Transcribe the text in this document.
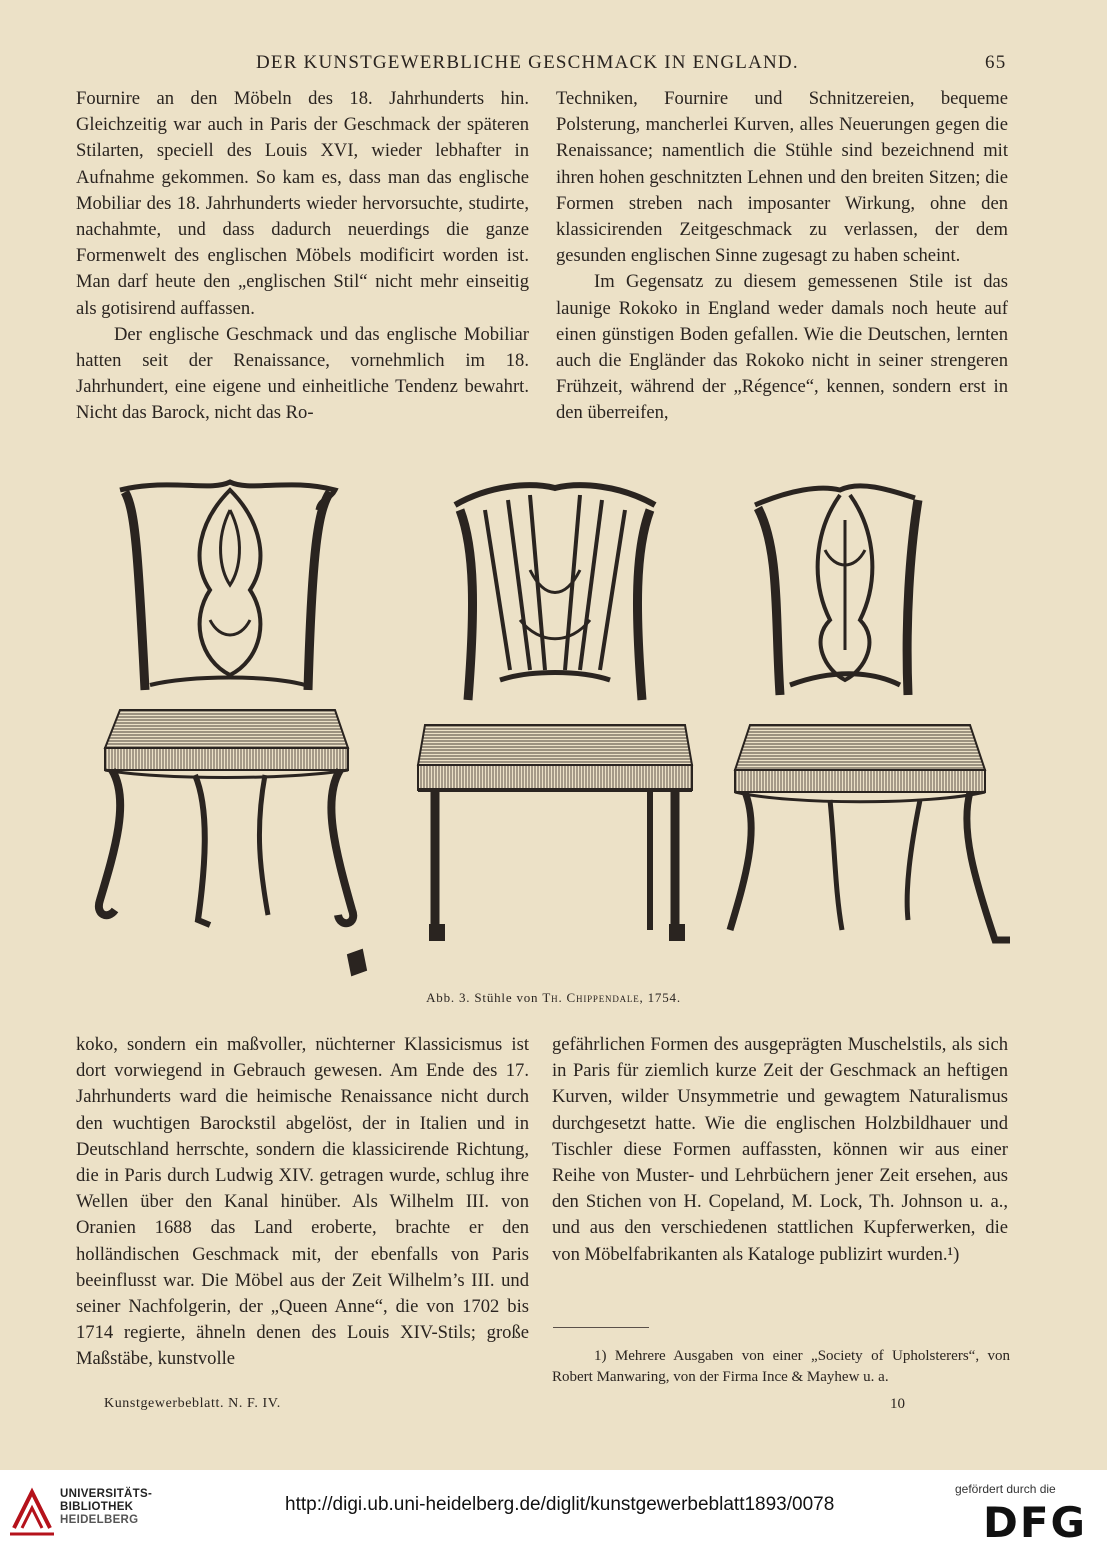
DER KUNSTGEWERBLICHE GESCHMACK IN ENGLAND.	65

Fournire an den Möbeln des 18. Jahrhunderts hin. Gleichzeitig war auch in Paris der Geschmack der späteren Stilarten, speciell des Louis XVI, wieder lebhafter in Aufnahme gekommen. So kam es, dass man das englische Mobiliar des 18. Jahrhunderts wieder hervorsuchte, studirte, nachahmte, und dass dadurch neuerdings die ganze Formenwelt des englischen Möbels modificirt worden ist. Man darf heute den „englischen Stil“ nicht mehr einseitig als gotisirend auffassen.

Der englische Geschmack und das englische Mobiliar hatten seit der Renaissance, vornehmlich im 18. Jahrhundert, eine eigene und einheitliche Tendenz bewahrt. Nicht das Barock, nicht das Ro-

Techniken, Fournire und Schnitzereien, bequeme Polsterung, mancherlei Kurven, alles Neuerungen gegen die Renaissance; namentlich die Stühle sind bezeichnend mit ihren hohen geschnitzten Lehnen und den breiten Sitzen; die Formen streben nach imposanter Wirkung, ohne den klassicirenden Zeitgeschmack zu verlassen, der dem gesunden englischen Sinne zugesagt zu haben scheint.

Im Gegensatz zu diesem gemessenen Stile ist das launige Rokoko in England weder damals noch heute auf einen günstigen Boden gefallen. Wie die Deutschen, lernten auch die Engländer das Rokoko nicht in seiner strengeren Frühzeit, während der „Régence“, kennen, sondern erst in den überreifen,

Abb. 3. Stühle von Th. Chippendale, 1754.

koko, sondern ein maßvoller, nüchterner Klassicismus ist dort vorwiegend in Gebrauch gewesen. Am Ende des 17. Jahrhunderts ward die heimische Renaissance nicht durch den wuchtigen Barockstil abgelöst, der in Italien und in Deutschland herrschte, sondern die klassicirende Richtung, die in Paris durch Ludwig XIV. getragen wurde, schlug ihre Wellen über den Kanal hinüber. Als Wilhelm III. von Oranien 1688 das Land eroberte, brachte er den holländischen Geschmack mit, der ebenfalls von Paris beeinflusst war. Die Möbel aus der Zeit Wilhelm’s III. und seiner Nachfolgerin, der „Queen Anne“, die von 1702 bis 1714 regierte, ähneln denen des Louis XIV-Stils; große Maßstäbe, kunstvolle

gefährlichen Formen des ausgeprägten Muschelstils, als sich in Paris für ziemlich kurze Zeit der Geschmack an heftigen Kurven, wilder Unsymmetrie und gewagtem Naturalismus durchgesetzt hatte. Wie die englischen Holzbildhauer und Tischler diese Formen auffassten, können wir aus einer Reihe von Muster- und Lehrbüchern jener Zeit ersehen, aus den Stichen von H. Copeland, M. Lock, Th. Johnson u. a., und aus den verschiedenen stattlichen Kupferwerken, die von Möbelfabrikanten als Kataloge publizirt wurden.¹)

1) Mehrere Ausgaben von einer „Society of Upholsterers“, von Robert Manwaring, von der Firma Ince & Mayhew u. a.

Kunstgewerbeblatt. N. F. IV.	10
UNIVERSITÄTS-
BIBLIOTHEK
HEIDELBERG
http://digi.ub.uni-heidelberg.de/diglit/kunstgewerbeblatt1893/0078
gefördert durch die
DFG
